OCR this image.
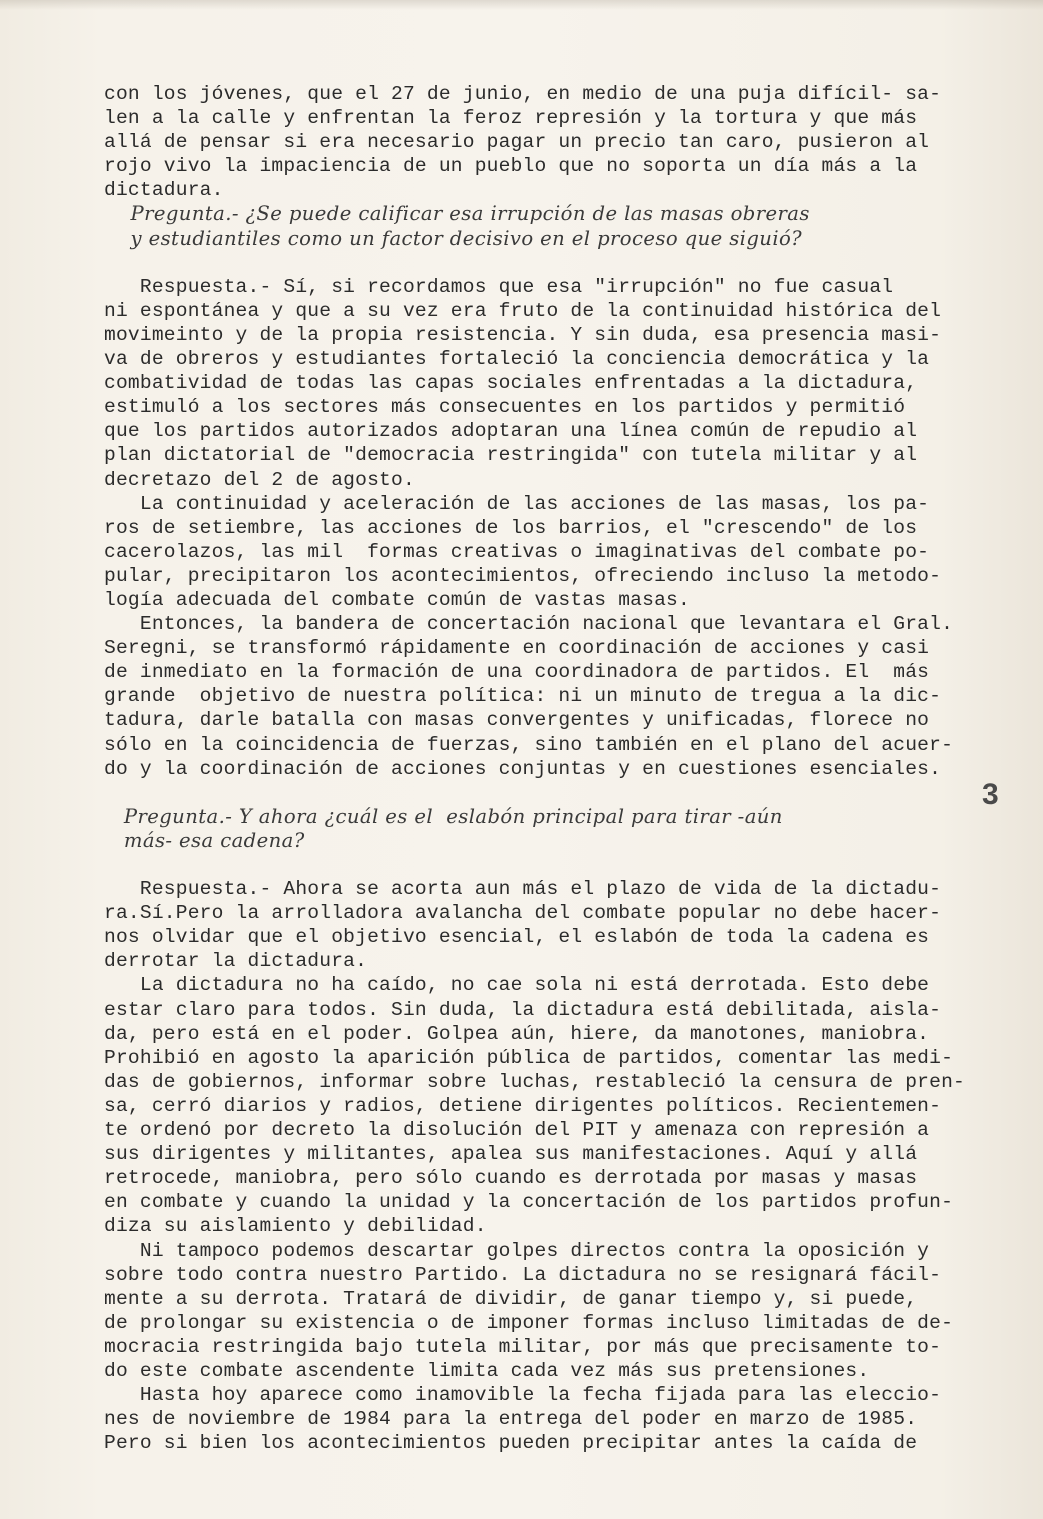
con los jóvenes, que el 27 de junio, en medio de una puja difícil- sa-
len a la calle y enfrentan la feroz represión y la tortura y que más
allá de pensar si era necesario pagar un precio tan caro, pusieron al
rojo vivo la impaciencia de un pueblo que no soporta un día más a la
dictadura.
Pregunta.- ¿Se puede calificar esa irrupción de las masas obreras
y estudiantiles como un factor decisivo en el proceso que siguió?
Respuesta.- Sí, si recordamos que esa "irrupción" no fue casual
ni espontánea y que a su vez era fruto de la continuidad histórica del
movimeinto y de la propia resistencia. Y sin duda, esa presencia masi-
va de obreros y estudiantes fortaleció la conciencia democrática y la
combatividad de todas las capas sociales enfrentadas a la dictadura,
estimuló a los sectores más consecuentes en los partidos y permitió
que los partidos autorizados adoptaran una línea común de repudio al
plan dictatorial de "democracia restringida" con tutela militar y al
decretazo del 2 de agosto.
La continuidad y aceleración de las acciones de las masas, los pa-
ros de setiembre, las acciones de los barrios, el "crescendo" de los
cacerolazos, las mil  formas creativas o imaginativas del combate po-
pular, precipitaron los acontecimientos, ofreciendo incluso la metodo-
logía adecuada del combate común de vastas masas.
Entonces, la bandera de concertación nacional que levantara el Gral.
Seregni, se transformó rápidamente en coordinación de acciones y casi
de inmediato en la formación de una coordinadora de partidos. El  más
grande  objetivo de nuestra política: ni un minuto de tregua a la dic-
tadura, darle batalla con masas convergentes y unificadas, florece no
sólo en la coincidencia de fuerzas, sino también en el plano del acuer-
do y la coordinación de acciones conjuntas y en cuestiones esenciales.
Pregunta.- Y ahora ¿cuál es el  eslabón principal para tirar -aún
más- esa cadena?
Respuesta.- Ahora se acorta aun más el plazo de vida de la dictadu-
ra.Sí.Pero la arrolladora avalancha del combate popular no debe hacer-
nos olvidar que el objetivo esencial, el eslabón de toda la cadena es
derrotar la dictadura.
La dictadura no ha caído, no cae sola ni está derrotada. Esto debe
estar claro para todos. Sin duda, la dictadura está debilitada, aisla-
da, pero está en el poder. Golpea aún, hiere, da manotones, maniobra.
Prohibió en agosto la aparición pública de partidos, comentar las medi-
das de gobiernos, informar sobre luchas, restableció la censura de pren-
sa, cerró diarios y radios, detiene dirigentes políticos. Recientemen-
te ordenó por decreto la disolución del PIT y amenaza con represión a
sus dirigentes y militantes, apalea sus manifestaciones. Aquí y allá
retrocede, maniobra, pero sólo cuando es derrotada por masas y masas
en combate y cuando la unidad y la concertación de los partidos profun-
diza su aislamiento y debilidad.
Ni tampoco podemos descartar golpes directos contra la oposición y
sobre todo contra nuestro Partido. La dictadura no se resignará fácil-
mente a su derrota. Tratará de dividir, de ganar tiempo y, si puede,
de prolongar su existencia o de imponer formas incluso limitadas de de-
mocracia restringida bajo tutela militar, por más que precisamente to-
do este combate ascendente limita cada vez más sus pretensiones.
Hasta hoy aparece como inamovible la fecha fijada para las eleccio-
nes de noviembre de 1984 para la entrega del poder en marzo de 1985.
Pero si bien los acontecimientos pueden precipitar antes la caída de
3
